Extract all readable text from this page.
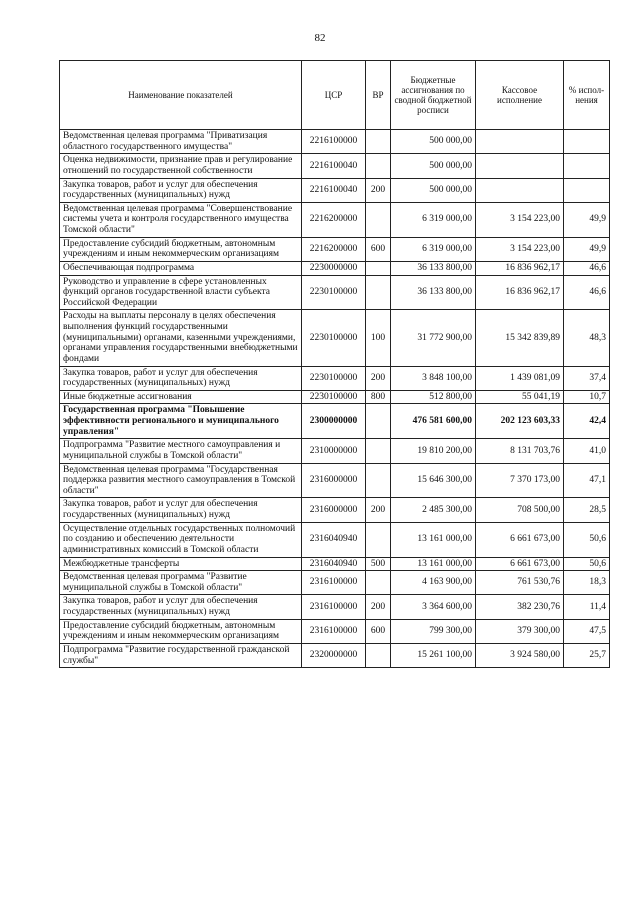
82
Наименование показателей	ЦСР	ВР	Бюджетные ассигнования по сводной бюджетной росписи	Кассовое исполнение	% испол-нения
Ведомственная целевая программа "Приватизация областного государственного имущества"	2216100000		500 000,00		
Оценка недвижимости, признание прав и регулирование отношений по государственной собственности	2216100040		500 000,00		
Закупка товаров, работ и услуг для обеспечения государственных (муниципальных) нужд	2216100040	200	500 000,00		
Ведомственная целевая программа "Совершенствование системы учета и контроля государственного имущества Томской области"	2216200000		6 319 000,00	3 154 223,00	49,9
Предоставление субсидий бюджетным, автономным учреждениям и иным некоммерческим организациям	2216200000	600	6 319 000,00	3 154 223,00	49,9
Обеспечивающая подпрограмма	2230000000		36 133 800,00	16 836 962,17	46,6
Руководство и управление в сфере установленных функций органов государственной власти субъекта Российской Федерации	2230100000		36 133 800,00	16 836 962,17	46,6
Расходы на выплаты персоналу в целях обеспечения выполнения функций государственными (муниципальными) органами, казенными учреждениями, органами управления государственными внебюджетными фондами	2230100000	100	31 772 900,00	15 342 839,89	48,3
Закупка товаров, работ и услуг для обеспечения государственных (муниципальных) нужд	2230100000	200	3 848 100,00	1 439 081,09	37,4
Иные бюджетные ассигнования	2230100000	800	512 800,00	55 041,19	10,7
Государственная программа "Повышение эффективности регионального и муниципального управления"	2300000000		476 581 600,00	202 123 603,33	42,4
Подпрограмма "Развитие местного самоуправления и муниципальной службы в Томской области"	2310000000		19 810 200,00	8 131 703,76	41,0
Ведомственная целевая программа "Государственная поддержка развития местного самоуправления в Томской области"	2316000000		15 646 300,00	7 370 173,00	47,1
Закупка товаров, работ и услуг для обеспечения государственных (муниципальных) нужд	2316000000	200	2 485 300,00	708 500,00	28,5
Осуществление отдельных государственных полномочий по созданию и обеспечению деятельности административных комиссий в Томской области	2316040940		13 161 000,00	6 661 673,00	50,6
Межбюджетные трансферты	2316040940	500	13 161 000,00	6 661 673,00	50,6
Ведомственная целевая программа "Развитие муниципальной службы в Томской области"	2316100000		4 163 900,00	761 530,76	18,3
Закупка товаров, работ и услуг для обеспечения государственных (муниципальных) нужд	2316100000	200	3 364 600,00	382 230,76	11,4
Предоставление субсидий бюджетным, автономным учреждениям и иным некоммерческим организациям	2316100000	600	799 300,00	379 300,00	47,5
Подпрограмма "Развитие государственной гражданской службы"	2320000000		15 261 100,00	3 924 580,00	25,7
